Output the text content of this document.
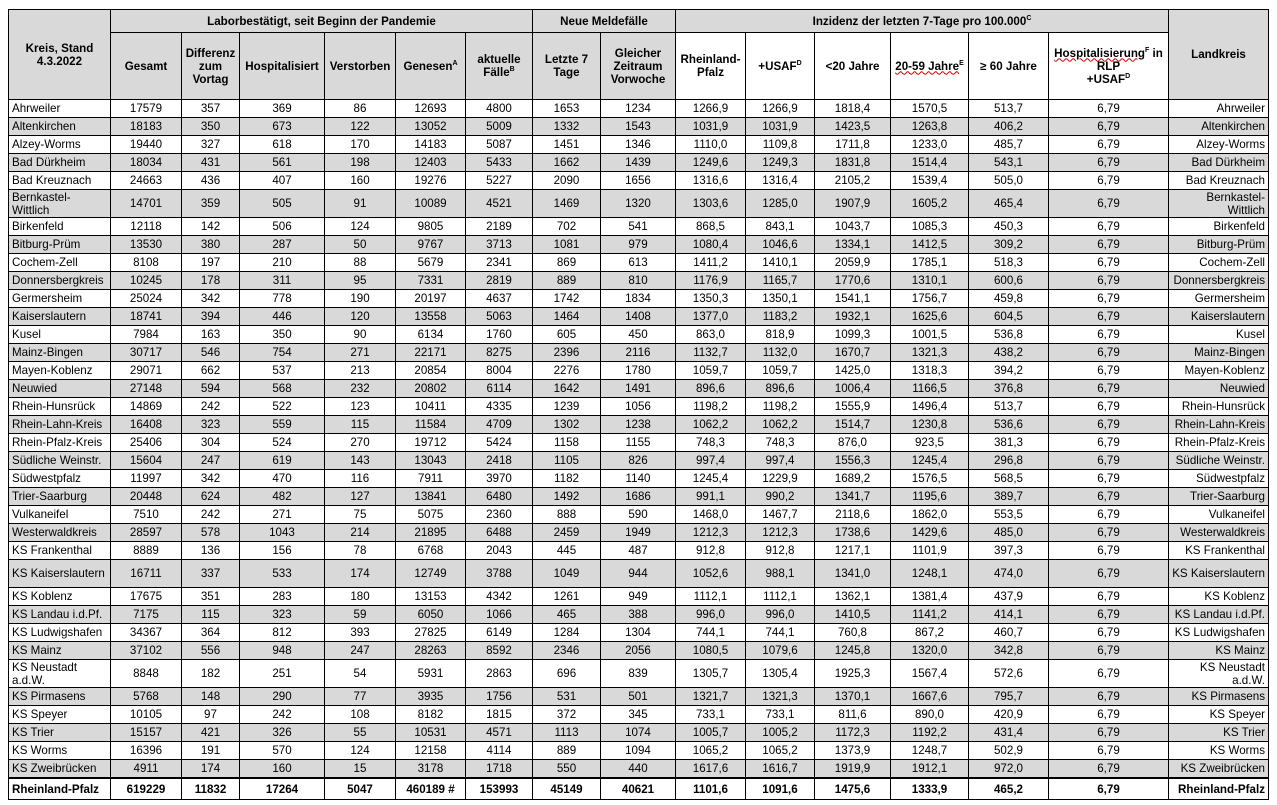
Kreis, Stand 4.3.2022	Laborbestätigt, seit Beginn der Pandemie						Neue Meldefälle		Inzidenz der letzten 7-Tage pro $100.000^C$						Landkreis
	Gesamt	Differenz zum Vortag	Hospitalisiert	Verstorben	Genesen$^A$	aktuelle Fälle$^B$	Letzte 7 Tage	Gleicher Zeitraum Vorwoche	Rheinland-Pfalz	$+USAF^D$	<20 Jahre	20-59 Jahre$^E$	≥ 60 Jahre	Hospitalisierung$^F$ in RLP
$+USAF^D$
Ahrweiler	17579	357	369	86	12693	4800	1653	1234	1266,9	1266,9	1818,4	1570,5	513,7	6,79	Ahrweiler
Altenkirchen	18183	350	673	122	13052	5009	1332	1543	1031,9	1031,9	1423,5	1263,8	406,2	6,79	Altenkirchen
Alzey-Worms	19440	327	618	170	14183	5087	1451	1346	1110,0	1109,8	1711,8	1233,0	485,7	6,79	Alzey-Worms
Bad Dürkheim	18034	431	561	198	12403	5433	1662	1439	1249,6	1249,3	1831,8	1514,4	543,1	6,79	Bad Dürkheim
Bad Kreuznach	24663	436	407	160	19276	5227	2090	1656	1316,6	1316,4	2105,2	1539,4	505,0	6,79	Bad Kreuznach
Bernkastel-Wittlich	14701	359	505	91	10089	4521	1469	1320	1303,6	1285,0	1907,9	1605,2	465,4	6,79	Bernkastel-Wittlich
Birkenfeld	12118	142	506	124	9805	2189	702	541	868,5	843,1	1043,7	1085,3	450,3	6,79	Birkenfeld
Bitburg-Prüm	13530	380	287	50	9767	3713	1081	979	1080,4	1046,6	1334,1	1412,5	309,2	6,79	Bitburg-Prüm
Cochem-Zell	8108	197	210	88	5679	2341	869	613	1411,2	1410,1	2059,9	1785,1	518,3	6,79	Cochem-Zell
Donnersbergkreis	10245	178	311	95	7331	2819	889	810	1176,9	1165,7	1770,6	1310,1	600,6	6,79	Donnersbergkreis
Germersheim	25024	342	778	190	20197	4637	1742	1834	1350,3	1350,1	1541,1	1756,7	459,8	6,79	Germersheim
Kaiserslautern	18741	394	446	120	13558	5063	1464	1408	1377,0	1183,2	1932,1	1625,6	604,5	6,79	Kaiserslautern
Kusel	7984	163	350	90	6134	1760	605	450	863,0	818,9	1099,3	1001,5	536,8	6,79	Kusel
Mainz-Bingen	30717	546	754	271	22171	8275	2396	2116	1132,7	1132,0	1670,7	1321,3	438,2	6,79	Mainz-Bingen
Mayen-Koblenz	29071	662	537	213	20854	8004	2276	1780	1059,7	1059,7	1425,0	1318,3	394,2	6,79	Mayen-Koblenz
Neuwied	27148	594	568	232	20802	6114	1642	1491	896,6	896,6	1006,4	1166,5	376,8	6,79	Neuwied
Rhein-Hunsrück	14869	242	522	123	10411	4335	1239	1056	1198,2	1198,2	1555,9	1496,4	513,7	6,79	Rhein-Hunsrück
Rhein-Lahn-Kreis	16408	323	559	115	11584	4709	1302	1238	1062,2	1062,2	1514,7	1230,8	536,6	6,79	Rhein-Lahn-Kreis
Rhein-Pfalz-Kreis	25406	304	524	270	19712	5424	1158	1155	748,3	748,3	876,0	923,5	381,3	6,79	Rhein-Pfalz-Kreis
Südliche Weinstr.	15604	247	619	143	13043	2418	1105	826	997,4	997,4	1556,3	1245,4	296,8	6,79	Südliche Weinstr.
Südwestpfalz	11997	342	470	116	7911	3970	1182	1140	1245,4	1229,9	1689,2	1576,5	568,5	6,79	Südwestpfalz
Trier-Saarburg	20448	624	482	127	13841	6480	1492	1686	991,1	990,2	1341,7	1195,6	389,7	6,79	Trier-Saarburg
Vulkaneifel	7510	242	271	75	5075	2360	888	590	1468,0	1467,7	2118,6	1862,0	553,5	6,79	Vulkaneifel
Westerwaldkreis	28597	578	1043	214	21895	6488	2459	1949	1212,3	1212,3	1738,6	1429,6	485,0	6,79	Westerwaldkreis
KS Frankenthal	8889	136	156	78	6768	2043	445	487	912,8	912,8	1217,1	1101,9	397,3	6,79	KS Frankenthal
KS Kaiserslautern	16711	337	533	174	12749	3788	1049	944	1052,6	988,1	1341,0	1248,1	474,0	6,79	KS Kaiserslautern
KS Koblenz	17675	351	283	180	13153	4342	1261	949	1112,1	1112,1	1362,1	1381,4	437,9	6,79	KS Koblenz
KS Landau i.d.Pf.	7175	115	323	59	6050	1066	465	388	996,0	996,0	1410,5	1141,2	414,1	6,79	KS Landau i.d.Pf.
KS Ludwigshafen	34367	364	812	393	27825	6149	1284	1304	744,1	744,1	760,8	867,2	460,7	6,79	KS Ludwigshafen
KS Mainz	37102	556	948	247	28263	8592	2346	2056	1080,5	1079,6	1245,8	1320,0	342,8	6,79	KS Mainz
KS Neustadt a.d.W.	8848	182	251	54	5931	2863	696	839	1305,7	1305,4	1925,3	1567,4	572,6	6,79	KS Neustadt a.d.W.
KS Pirmasens	5768	148	290	77	3935	1756	531	501	1321,7	1321,3	1370,1	1667,6	795,7	6,79	KS Pirmasens
KS Speyer	10105	97	242	108	8182	1815	372	345	733,1	733,1	811,6	890,0	420,9	6,79	KS Speyer
KS Trier	15157	421	326	55	10531	4571	1113	1074	1005,7	1005,2	1172,3	1192,2	431,4	6,79	KS Trier
KS Worms	16396	191	570	124	12158	4114	889	1094	1065,2	1065,2	1373,9	1248,7	502,9	6,79	KS Worms
KS Zweibrücken	4911	174	160	15	3178	1718	550	440	1617,6	1616,7	1919,9	1912,1	972,0	6,79	KS Zweibrücken
Rheinland-Pfalz	619229	11832	17264	5047	460189 #	153993	45149	40621	1101,6	1091,6	1475,6	1333,9	465,2	6,79	Rheinland-Pfalz
